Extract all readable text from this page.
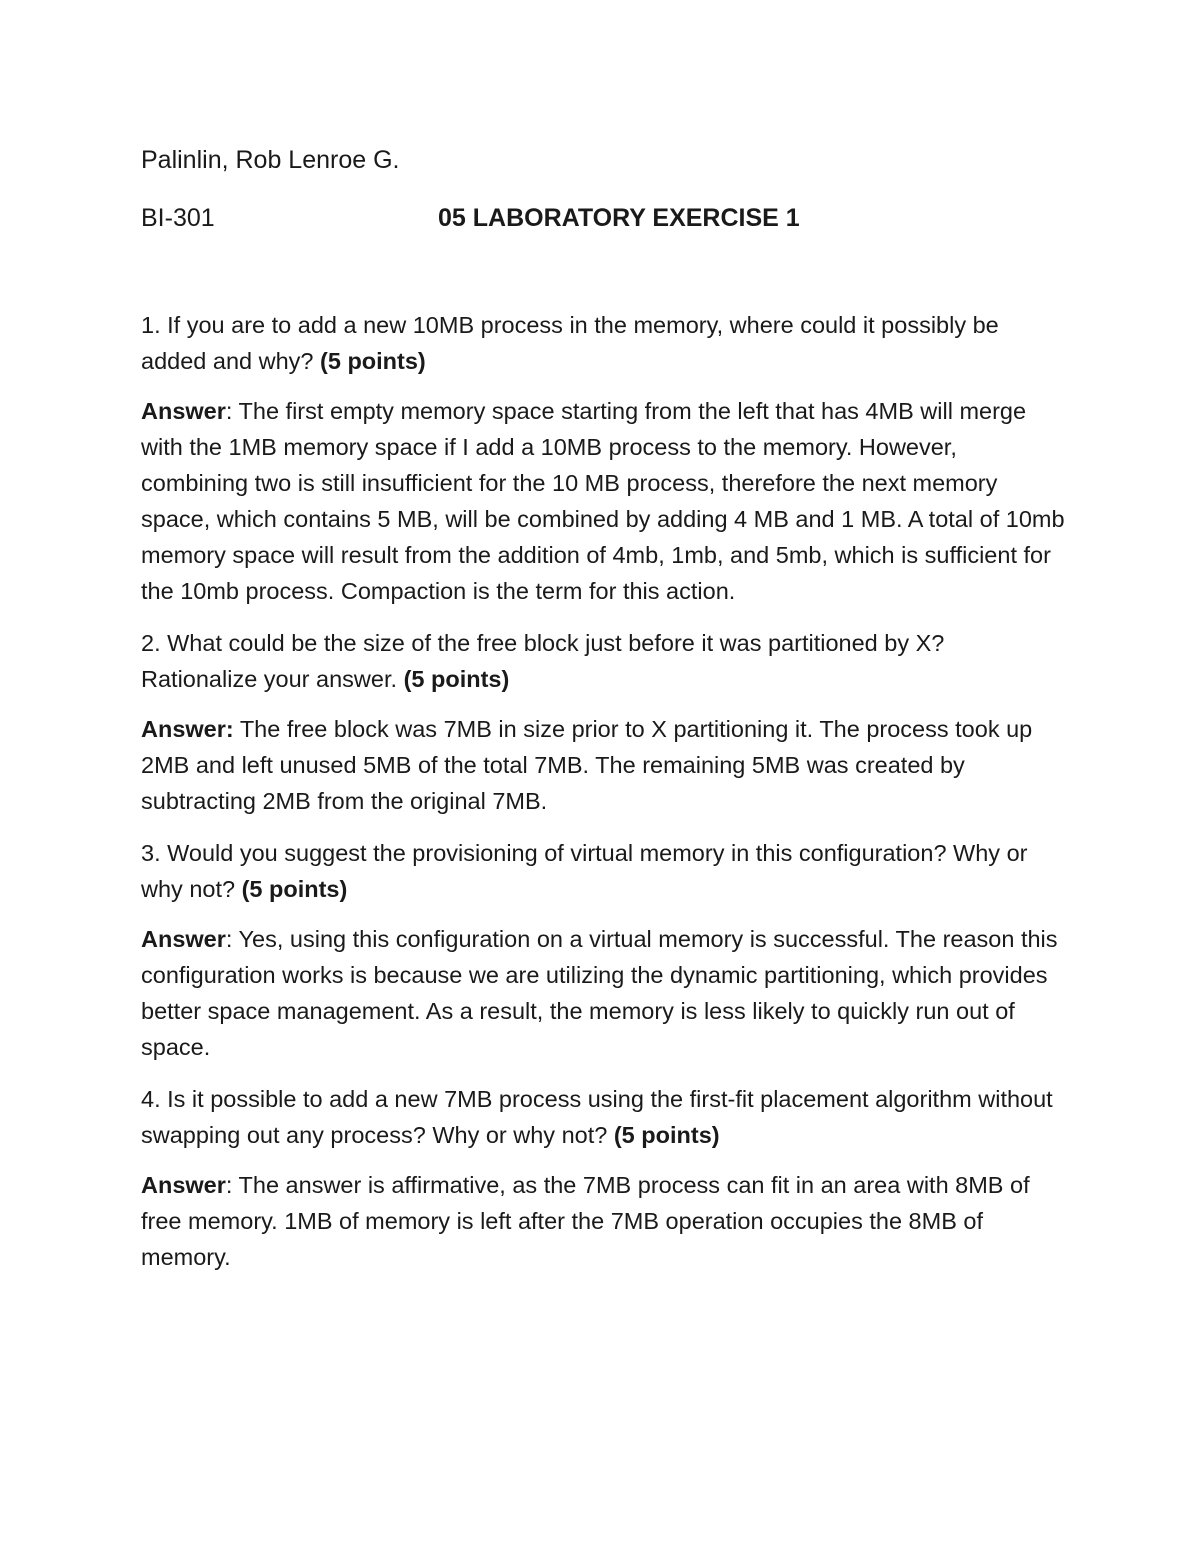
Palinlin, Rob Lenroe G.

BI-301	05 LABORATORY EXERCISE 1

1. If you are to add a new 10MB process in the memory, where could it possibly be added and why? (5 points)

Answer: The first empty memory space starting from the left that has 4MB will merge with the 1MB memory space if I add a 10MB process to the memory. However, combining two is still insufficient for the 10 MB process, therefore the next memory space, which contains 5 MB, will be combined by adding 4 MB and 1 MB. A total of 10mb memory space will result from the addition of 4mb, 1mb, and 5mb, which is sufficient for the 10mb process. Compaction is the term for this action.

2. What could be the size of the free block just before it was partitioned by X? Rationalize your answer. (5 points)

Answer: The free block was 7MB in size prior to X partitioning it. The process took up 2MB and left unused 5MB of the total 7MB. The remaining 5MB was created by subtracting 2MB from the original 7MB.

3. Would you suggest the provisioning of virtual memory in this configuration? Why or why not? (5 points)

Answer: Yes, using this configuration on a virtual memory is successful. The reason this configuration works is because we are utilizing the dynamic partitioning, which provides better space management. As a result, the memory is less likely to quickly run out of space.

4. Is it possible to add a new 7MB process using the first-fit placement algorithm without swapping out any process? Why or why not? (5 points)

Answer: The answer is affirmative, as the 7MB process can fit in an area with 8MB of free memory. 1MB of memory is left after the 7MB operation occupies the 8MB of memory.
